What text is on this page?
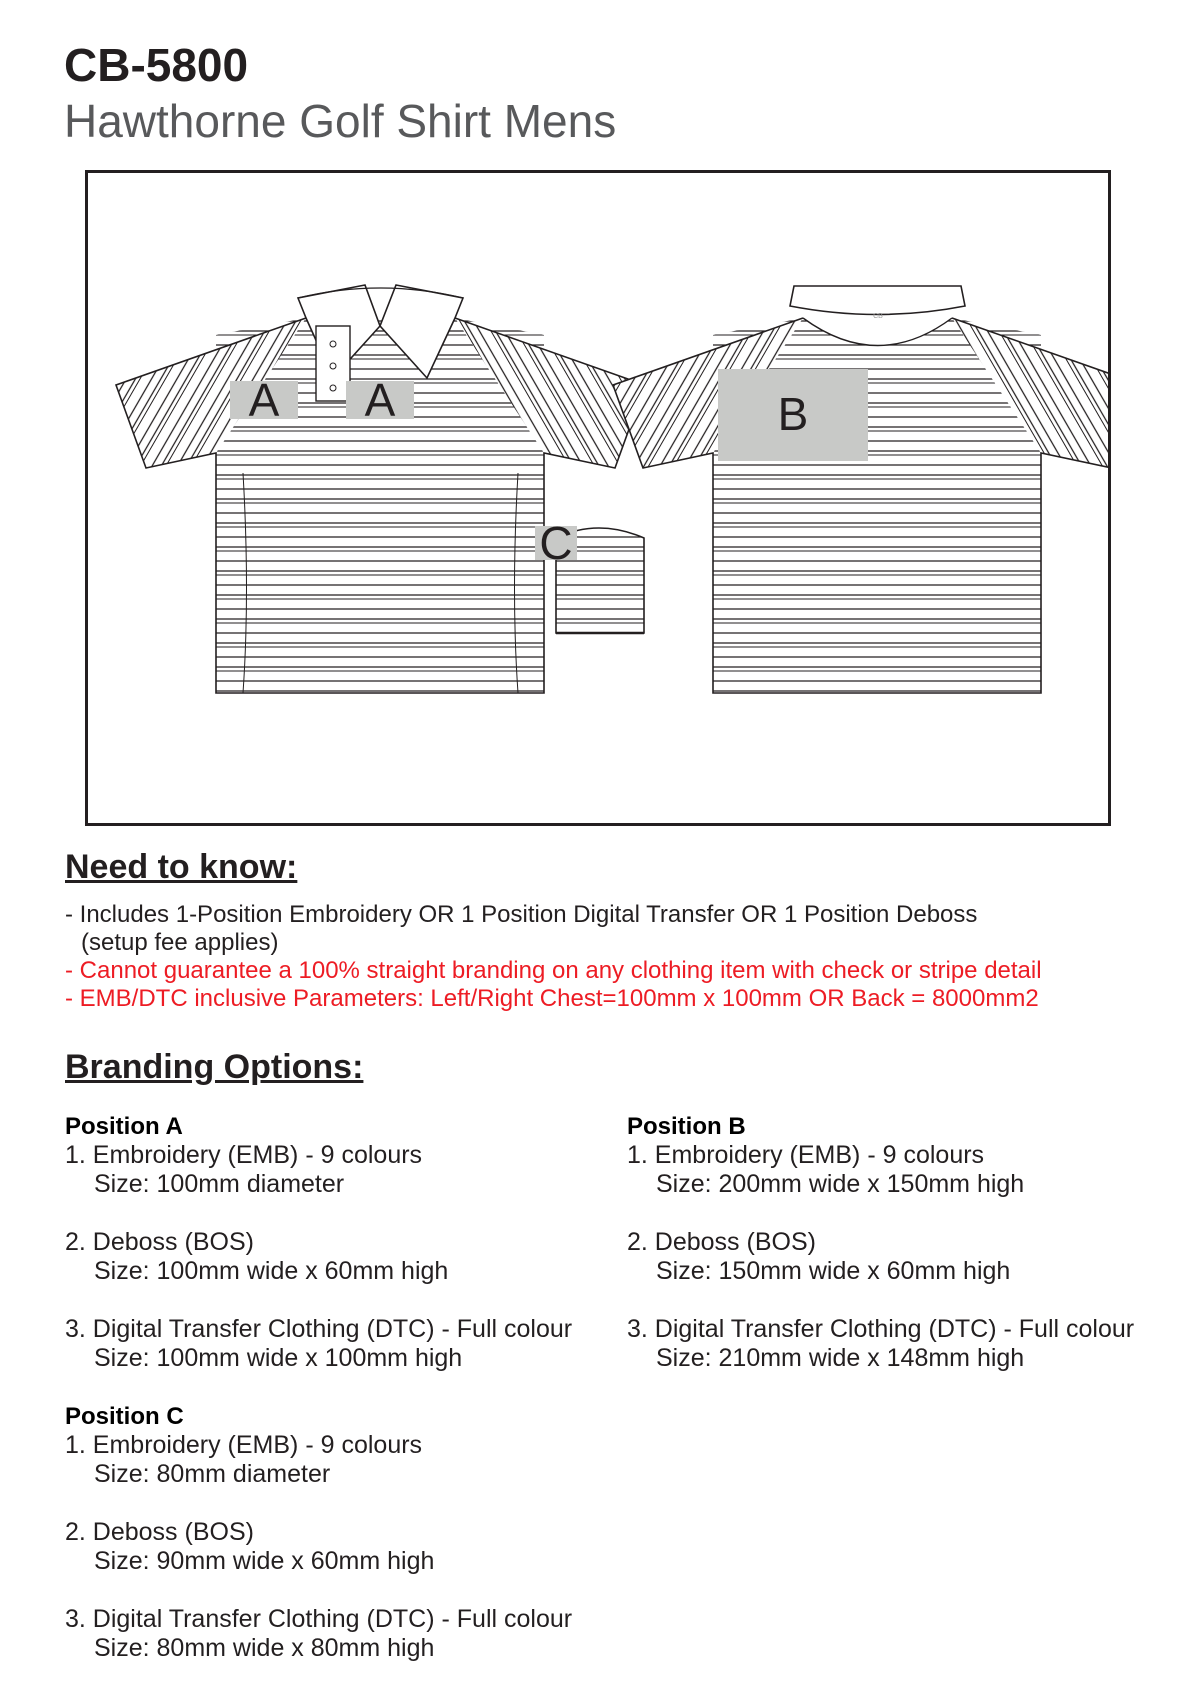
CB-5800
Hawthorne Golf Shirt Mens
CB
A A	B
C
Need to know:
- Includes 1-Position Embroidery OR 1 Position Digital Transfer OR 1 Position Deboss
(setup fee applies)
- Cannot guarantee a 100% straight branding on any clothing item with check or stripe detail
- EMB/DTC inclusive Parameters: Left/Right Chest=100mm x 100mm OR Back = 8000mm2
Branding Options:
Position A
1. Embroidery (EMB) - 9 colours
Size: 100mm diameter
2. Deboss (BOS)
Size: 100mm wide x 60mm high
3. Digital Transfer Clothing (DTC) - Full colour
Size: 100mm wide x 100mm high
Position C
1. Embroidery (EMB) - 9 colours
Size: 80mm diameter
2. Deboss (BOS)
Size: 90mm wide x 60mm high
3. Digital Transfer Clothing (DTC) - Full colour
Size: 80mm wide x 80mm high
Position B
1. Embroidery (EMB) - 9 colours
Size: 200mm wide x 150mm high
2. Deboss (BOS)
Size: 150mm wide x 60mm high
3. Digital Transfer Clothing (DTC) - Full colour
Size: 210mm wide x 148mm high
